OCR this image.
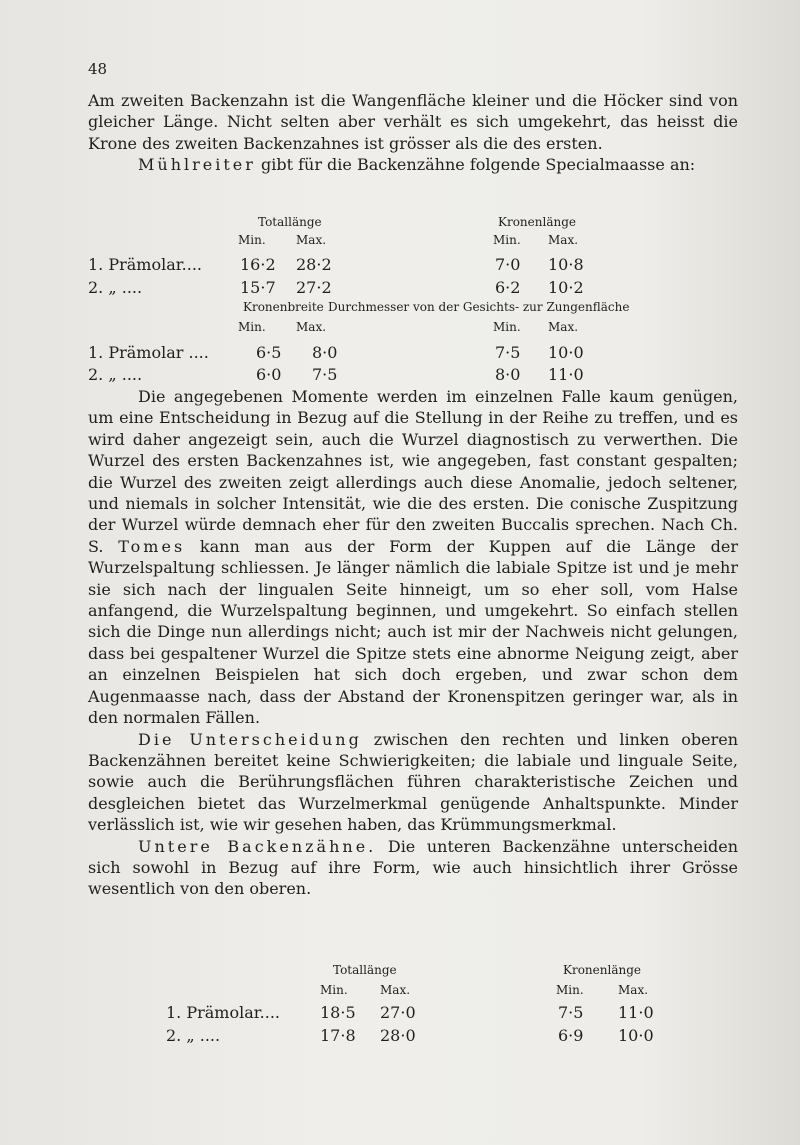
48

Am zweiten Backenzahn ist die Wangenfläche kleiner und die Höcker sind von gleicher Länge. Nicht selten aber verhält es sich umgekehrt, das heisst die Krone des zweiten Backenzahnes ist grösser als die des ersten.

Mühlreiter gibt für die Backenzähne folgende Specialmaasse an:

Totallänge	Kronenlänge
Min.	Max.	Min. Max.
1. Prämolar.... 16·2 28·2	7·0 10·8
2. „ ....	15·7 27·2	6·2 10·2
Kronenbreite Durchmesser von der Gesichts- zur Zungenfläche
Min.	Max.	Min. Max.
1. Prämolar ....	6·5 8·0	7·5 10·0
2. „ ....	6·0 7·5	8·0 11·0

Die angegebenen Momente werden im einzelnen Falle kaum genügen, um eine Entscheidung in Bezug auf die Stellung in der Reihe zu treffen, und es wird daher angezeigt sein, auch die Wurzel diagnostisch zu verwerthen. Die Wurzel des ersten Backenzahnes ist, wie angegeben, fast constant gespalten; die Wurzel des zweiten zeigt allerdings auch diese Anomalie, jedoch seltener, und niemals in solcher Intensität, wie die des ersten. Die conische Zuspitzung der Wurzel würde demnach eher für den zweiten Buccalis sprechen. Nach Ch. S. Tomes kann man aus der Form der Kuppen auf die Länge der Wurzelspaltung schliessen. Je länger nämlich die labiale Spitze ist und je mehr sie sich nach der lingualen Seite hinneigt, um so eher soll, vom Halse anfangend, die Wurzelspaltung beginnen, und umgekehrt. So einfach stellen sich die Dinge nun allerdings nicht; auch ist mir der Nachweis nicht gelungen, dass bei gespaltener Wurzel die Spitze stets eine abnorme Neigung zeigt, aber an einzelnen Beispielen hat sich doch ergeben, und zwar schon dem Augenmaasse nach, dass der Abstand der Kronenspitzen geringer war, als in den normalen Fällen.

Die Unterscheidung zwischen den rechten und linken oberen Backenzähnen bereitet keine Schwierigkeiten; die labiale und linguale Seite, sowie auch die Berührungsflächen führen charakteristische Zeichen und desgleichen bietet das Wurzelmerkmal genügende Anhaltspunkte. Minder verlässlich ist, wie wir gesehen haben, das Krümmungsmerkmal.

Untere Backenzähne. Die unteren Backenzähne unterscheiden sich sowohl in Bezug auf ihre Form, wie auch hinsichtlich ihrer Grösse wesentlich von den oberen.

Totallänge	Kronenlänge
Min.	Max.	Min.	Max.
1. Prämolar....	18·5 27·0	7·5 11·0
2. „ ....	17·8 28·0	6·9 10·0
